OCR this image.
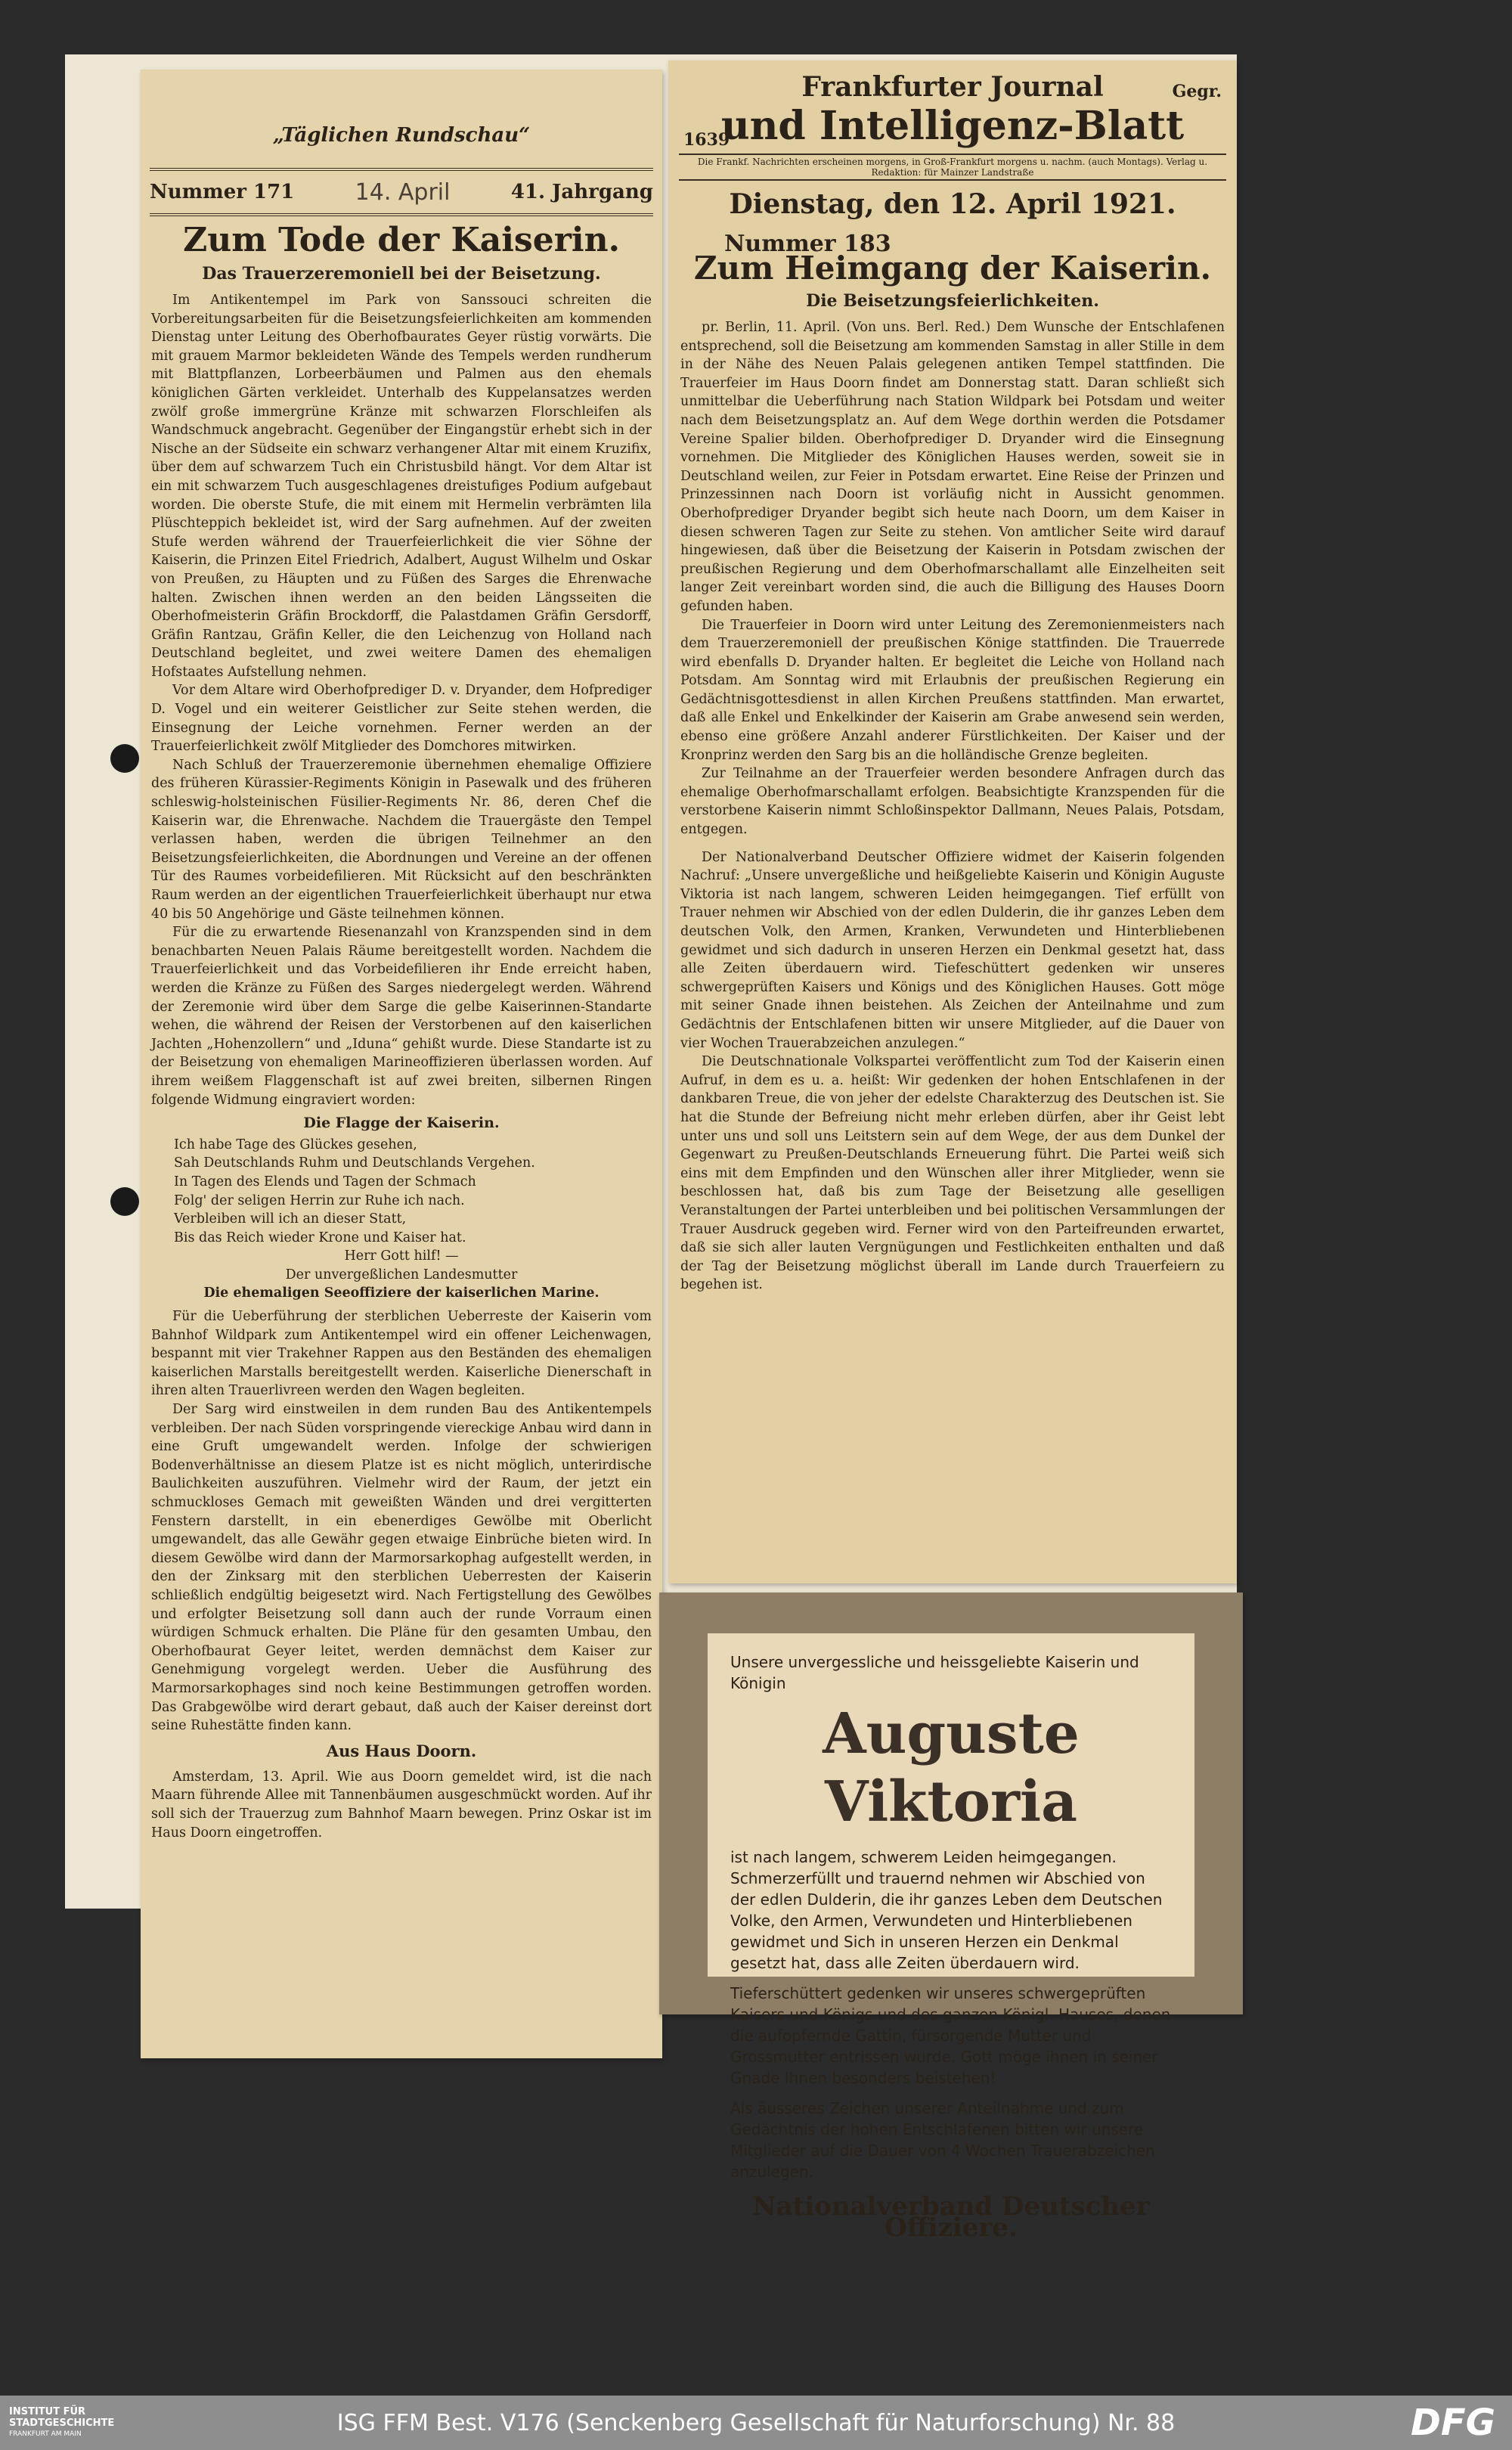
„Täglichen Rundschau“
Nummer 171	14. April	41. Jahrgang
Zum Tode der Kaiserin.
Das Trauerzeremoniell bei der Beisetzung.

Im Antikentempel im Park von Sanssouci schreiten die Vorbereitungsarbeiten für die Beisetzungsfeierlichkeiten am kommenden Dienstag unter Leitung des Oberhofbaurates Geyer rüstig vorwärts. Die mit grauem Marmor bekleideten Wände des Tempels werden rundherum mit Blattpflanzen, Lorbeerbäumen und Palmen aus den ehemals königlichen Gärten verkleidet. Unterhalb des Kuppelansatzes werden zwölf große immergrüne Kränze mit schwarzen Florschleifen als Wandschmuck angebracht. Gegenüber der Eingangstür erhebt sich in der Nische an der Südseite ein schwarz verhangener Altar mit einem Kruzifix, über dem auf schwarzem Tuch ein Christusbild hängt. Vor dem Altar ist ein mit schwarzem Tuch ausgeschlagenes dreistufiges Podium aufgebaut worden. Die oberste Stufe, die mit einem mit Hermelin verbrämten lila Plüschteppich bekleidet ist, wird der Sarg aufnehmen. Auf der zweiten Stufe werden während der Trauerfeierlichkeit die vier Söhne der Kaiserin, die Prinzen Eitel Friedrich, Adalbert, August Wilhelm und Oskar von Preußen, zu Häupten und zu Füßen des Sarges die Ehrenwache halten. Zwischen ihnen werden an den beiden Längsseiten die Oberhofmeisterin Gräfin Brockdorff, die Palastdamen Gräfin Gersdorff, Gräfin Rantzau, Gräfin Keller, die den Leichenzug von Holland nach Deutschland begleitet, und zwei weitere Damen des ehemaligen Hofstaates Aufstellung nehmen.

Vor dem Altare wird Oberhofprediger D. v. Dryander, dem Hofprediger D. Vogel und ein weiterer Geistlicher zur Seite stehen werden, die Einsegnung der Leiche vornehmen. Ferner werden an der Trauerfeierlichkeit zwölf Mitglieder des Domchores mitwirken.

Nach Schluß der Trauerzeremonie übernehmen ehemalige Offiziere des früheren Kürassier-Regiments Königin in Pasewalk und des früheren schleswig-holsteinischen Füsilier-Regiments Nr. 86, deren Chef die Kaiserin war, die Ehrenwache. Nachdem die Trauergäste den Tempel verlassen haben, werden die übrigen Teilnehmer an den Beisetzungsfeierlichkeiten, die Abordnungen und Vereine an der offenen Tür des Raumes vorbeidefilieren. Mit Rücksicht auf den beschränkten Raum werden an der eigentlichen Trauerfeierlichkeit überhaupt nur etwa 40 bis 50 Angehörige und Gäste teilnehmen können.

Für die zu erwartende Riesenanzahl von Kranzspenden sind in dem benachbarten Neuen Palais Räume bereitgestellt worden. Nachdem die Trauerfeierlichkeit und das Vorbeidefilieren ihr Ende erreicht haben, werden die Kränze zu Füßen des Sarges niedergelegt werden. Während der Zeremonie wird über dem Sarge die gelbe Kaiserinnen-Standarte wehen, die während der Reisen der Verstorbenen auf den kaiserlichen Jachten „Hohenzollern“ und „Iduna“ gehißt wurde. Diese Standarte ist zu der Beisetzung von ehemaligen Marineoffizieren überlassen worden. Auf ihrem weißem Flaggenschaft ist auf zwei breiten, silbernen Ringen folgende Widmung eingraviert worden:

Die Flagge der Kaiserin.

Ich habe Tage des Glückes gesehen,

Sah Deutschlands Ruhm und Deutschlands Vergehen.

In Tagen des Elends und Tagen der Schmach

Folg' der seligen Herrin zur Ruhe ich nach.

Verbleiben will ich an dieser Statt,

Bis das Reich wieder Krone und Kaiser hat.

Herr Gott hilf! —

Der unvergeßlichen Landesmutter

Die ehemaligen Seeoffiziere der kaiserlichen Marine.

Für die Ueberführung der sterblichen Ueberreste der Kaiserin vom Bahnhof Wildpark zum Antikentempel wird ein offener Leichenwagen, bespannt mit vier Trakehner Rappen aus den Beständen des ehemaligen kaiserlichen Marstalls bereitgestellt werden. Kaiserliche Dienerschaft in ihren alten Trauerlivreen werden den Wagen begleiten.

Der Sarg wird einstweilen in dem runden Bau des Antikentempels verbleiben. Der nach Süden vorspringende viereckige Anbau wird dann in eine Gruft umgewandelt werden. Infolge der schwierigen Bodenverhältnisse an diesem Platze ist es nicht möglich, unterirdische Baulichkeiten auszuführen. Vielmehr wird der Raum, der jetzt ein schmuckloses Gemach mit geweißten Wänden und drei vergitterten Fenstern darstellt, in ein ebenerdiges Gewölbe mit Oberlicht umgewandelt, das alle Gewähr gegen etwaige Einbrüche bieten wird. In diesem Gewölbe wird dann der Marmorsarkophag aufgestellt werden, in den der Zinksarg mit den sterblichen Ueberresten der Kaiserin schließlich endgültig beigesetzt wird. Nach Fertigstellung des Gewölbes und erfolgter Beisetzung soll dann auch der runde Vorraum einen würdigen Schmuck erhalten. Die Pläne für den gesamten Umbau, den Oberhofbaurat Geyer leitet, werden demnächst dem Kaiser zur Genehmigung vorgelegt werden. Ueber die Ausführung des Marmorsarkophages sind noch keine Bestimmungen getroffen worden. Das Grabgewölbe wird derart gebaut, daß auch der Kaiser dereinst dort seine Ruhestätte finden kann.

Aus Haus Doorn.

Amsterdam, 13. April. Wie aus Doorn gemeldet wird, ist die nach Maarn führende Allee mit Tannenbäumen ausgeschmückt worden. Auf ihr soll sich der Trauerzug zum Bahnhof Maarn bewegen. Prinz Oskar ist im Haus Doorn eingetroffen.

Frankfurter Journal	Gegr.
1639
und Intelligenz-Blatt
Die Frankf. Nachrichten erscheinen morgens, in Groß-Frankfurt morgens u. nachm. (auch Montags). Verlag u. Redaktion: für Mainzer Landstraße
Dienstag, den 12. April 1921.
Nummer 183
Zum Heimgang der Kaiserin.
Die Beisetzungsfeierlichkeiten.

pr. Berlin, 11. April. (Von uns. Berl. Red.) Dem Wunsche der Entschlafenen entsprechend, soll die Beisetzung am kommenden Samstag in aller Stille in dem in der Nähe des Neuen Palais gelegenen antiken Tempel stattfinden. Die Trauerfeier im Haus Doorn findet am Donnerstag statt. Daran schließt sich unmittelbar die Ueberführung nach Station Wildpark bei Potsdam und weiter nach dem Beisetzungsplatz an. Auf dem Wege dorthin werden die Potsdamer Vereine Spalier bilden. Oberhofprediger D. Dryander wird die Einsegnung vornehmen. Die Mitglieder des Königlichen Hauses werden, soweit sie in Deutschland weilen, zur Feier in Potsdam erwartet. Eine Reise der Prinzen und Prinzessinnen nach Doorn ist vorläufig nicht in Aussicht genommen. Oberhofprediger Dryander begibt sich heute nach Doorn, um dem Kaiser in diesen schweren Tagen zur Seite zu stehen. Von amtlicher Seite wird darauf hingewiesen, daß über die Beisetzung der Kaiserin in Potsdam zwischen der preußischen Regierung und dem Oberhofmarschallamt alle Einzelheiten seit langer Zeit vereinbart worden sind, die auch die Billigung des Hauses Doorn gefunden haben.

Die Trauerfeier in Doorn wird unter Leitung des Zeremonienmeisters nach dem Trauerzeremoniell der preußischen Könige stattfinden. Die Trauerrede wird ebenfalls D. Dryander halten. Er begleitet die Leiche von Holland nach Potsdam. Am Sonntag wird mit Erlaubnis der preußischen Regierung ein Gedächtnisgottesdienst in allen Kirchen Preußens stattfinden. Man erwartet, daß alle Enkel und Enkelkinder der Kaiserin am Grabe anwesend sein werden, ebenso eine größere Anzahl anderer Fürstlichkeiten. Der Kaiser und der Kronprinz werden den Sarg bis an die holländische Grenze begleiten.

Zur Teilnahme an der Trauerfeier werden besondere Anfragen durch das ehemalige Oberhofmarschallamt erfolgen. Beabsichtigte Kranzspenden für die verstorbene Kaiserin nimmt Schloßinspektor Dallmann, Neues Palais, Potsdam, entgegen.

Der Nationalverband Deutscher Offiziere widmet der Kaiserin folgenden Nachruf: „Unsere unvergeßliche und heißgeliebte Kaiserin und Königin Auguste Viktoria ist nach langem, schweren Leiden heimgegangen. Tief erfüllt von Trauer nehmen wir Abschied von der edlen Dulderin, die ihr ganzes Leben dem deutschen Volk, den Armen, Kranken, Verwundeten und Hinterbliebenen gewidmet und sich dadurch in unseren Herzen ein Denkmal gesetzt hat, dass alle Zeiten überdauern wird. Tiefeschüttert gedenken wir unseres schwergeprüften Kaisers und Königs und des Königlichen Hauses. Gott möge mit seiner Gnade ihnen beistehen. Als Zeichen der Anteilnahme und zum Gedächtnis der Entschlafenen bitten wir unsere Mitglieder, auf die Dauer von vier Wochen Trauerabzeichen anzulegen.“

Die Deutschnationale Volkspartei veröffentlicht zum Tod der Kaiserin einen Aufruf, in dem es u. a. heißt: Wir gedenken der hohen Entschlafenen in der dankbaren Treue, die von jeher der edelste Charakterzug des Deutschen ist. Sie hat die Stunde der Befreiung nicht mehr erleben dürfen, aber ihr Geist lebt unter uns und soll uns Leitstern sein auf dem Wege, der aus dem Dunkel der Gegenwart zu Preußen-Deutschlands Erneuerung führt. Die Partei weiß sich eins mit dem Empfinden und den Wünschen aller ihrer Mitglieder, wenn sie beschlossen hat, daß bis zum Tage der Beisetzung alle geselligen Veranstaltungen der Partei unterbleiben und bei politischen Versammlungen der Trauer Ausdruck gegeben wird. Ferner wird von den Parteifreunden erwartet, daß sie sich aller lauten Vergnügungen und Festlichkeiten enthalten und daß der Tag der Beisetzung möglichst überall im Lande durch Trauerfeiern zu begehen ist.

Unsere unvergessliche und heissgeliebte Kaiserin und Königin
Auguste Viktoria
ist nach langem, schwerem Leiden heimgegangen. Schmerzerfüllt und trauernd nehmen wir Abschied von der edlen Dulderin, die ihr ganzes Leben dem Deutschen Volke, den Armen, Verwundeten und Hinterbliebenen gewidmet und Sich in unseren Herzen ein Denkmal gesetzt hat, dass alle Zeiten überdauern wird.
Tieferschüttert gedenken wir unseres schwergeprüften Kaisers und Königs und des ganzen Königl. Hauses, denen die aufopfernde Gattin, fürsorgende Mutter und Grossmutter entrissen wurde. Gott möge ihnen in seiner Gnade Ihnen besonders beistehen!
Als äusseres Zeichen unserer Anteilnahme und zum Gedächtnis der hohen Entschlafenen bitten wir unsere Mitglieder auf die Dauer von 4 Wochen Trauerabzeichen anzulegen.
Nationalverband Deutscher Offiziere.
INSTITUT FÜR
STADTGESCHICHTE
FRANKFURT AM MAIN	ISG FFM Best. V176 (Senckenberg Gesellschaft für Naturforschung) Nr. 88	DFG
